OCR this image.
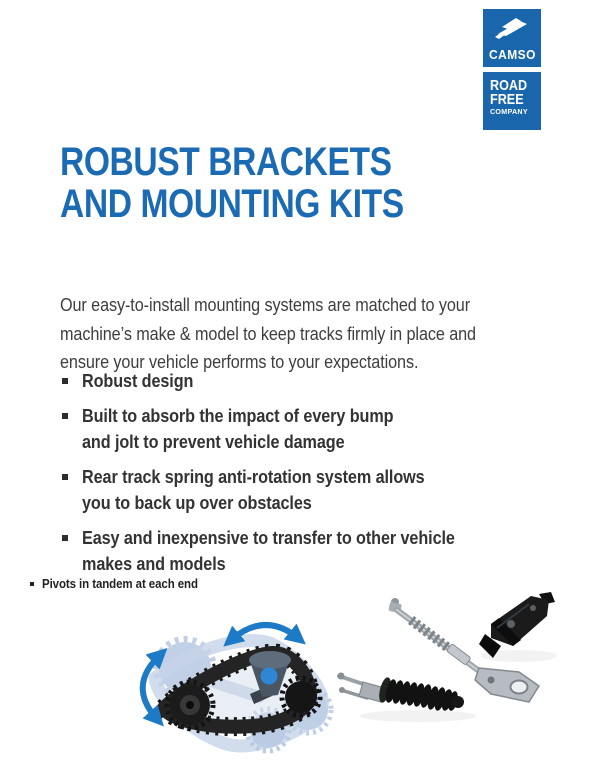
CAMSO
ROAD
FREE
COMPANY
ROBUST BRACKETS
AND MOUNTING KITS

Our easy-to-install mounting systems are matched to your
machine’s make & model to keep tracks firmly in place and
ensure your vehicle performs to your expectations.

Robust design
Built to absorb the impact of every bump
and jolt to prevent vehicle damage
Rear track spring anti-rotation system allows
you to back up over obstacles
Easy and inexpensive to transfer to other vehicle
makes and models
Pivots in tandem at each end
